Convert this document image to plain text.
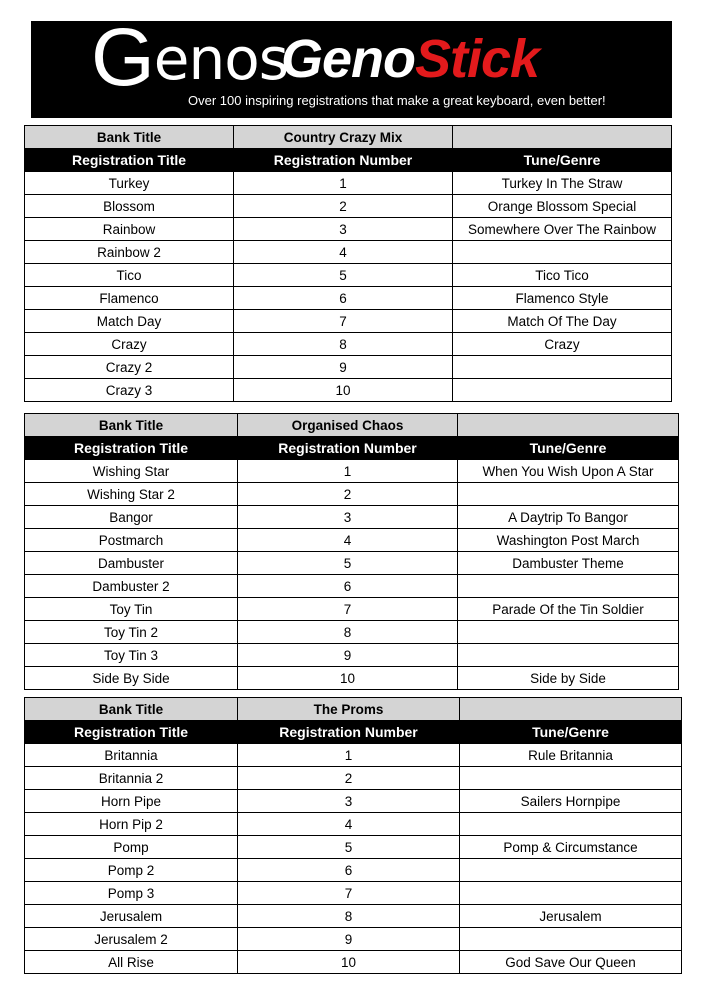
Genos
GenoStick
Over 100 inspiring registrations that make a great keyboard, even better!
Bank Title	Country Crazy Mix	
Registration Title	Registration Number	Tune/Genre
Turkey	1	Turkey In The Straw
Blossom	2	Orange Blossom Special
Rainbow	3	Somewhere Over The Rainbow
Rainbow 2	4	
Tico	5	Tico Tico
Flamenco	6	Flamenco Style
Match Day	7	Match Of The Day
Crazy	8	Crazy
Crazy 2	9	
Crazy 3	10	
Bank Title	Organised Chaos	
Registration Title	Registration Number	Tune/Genre
Wishing Star	1	When You Wish Upon A Star
Wishing Star 2	2	
Bangor	3	A Daytrip To Bangor
Postmarch	4	Washington Post March
Dambuster	5	Dambuster Theme
Dambuster 2	6	
Toy Tin	7	Parade Of the Tin Soldier
Toy Tin 2	8	
Toy Tin 3	9	
Side By Side	10	Side by Side
Bank Title	The Proms	
Registration Title	Registration Number	Tune/Genre
Britannia	1	Rule Britannia
Britannia 2	2	
Horn Pipe	3	Sailers Hornpipe
Horn Pip 2	4	
Pomp	5	Pomp & Circumstance
Pomp 2	6	
Pomp 3	7	
Jerusalem	8	Jerusalem
Jerusalem 2	9	
All Rise	10	God Save Our Queen
